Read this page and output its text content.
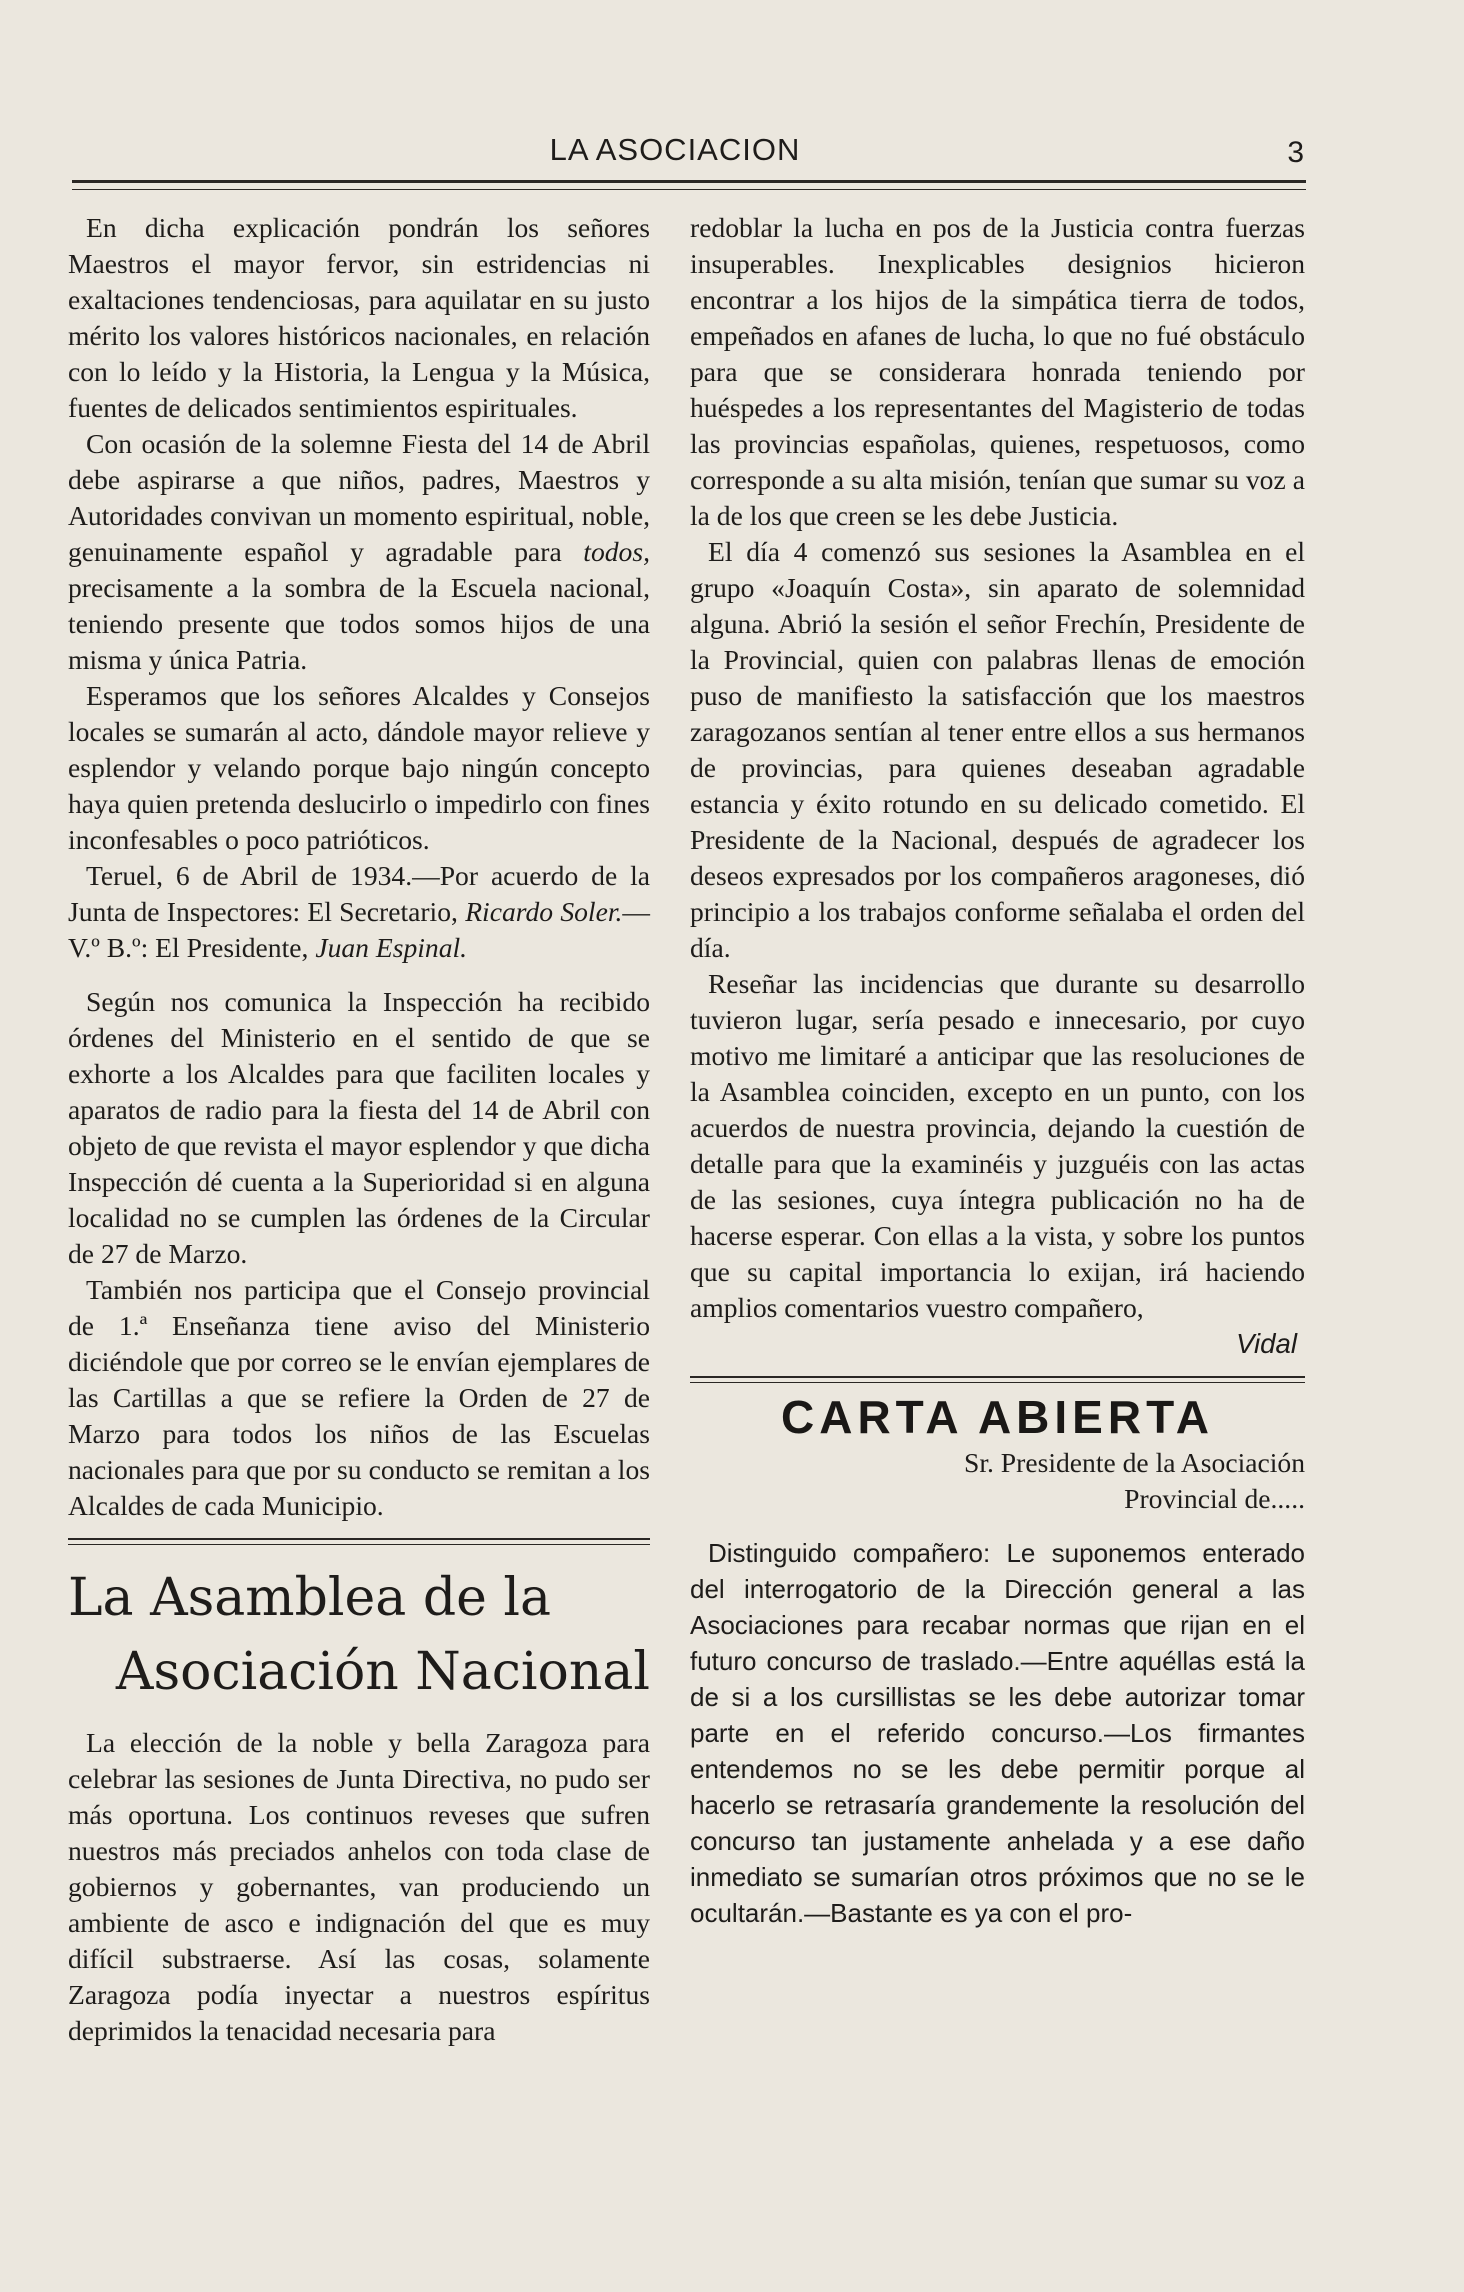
LA ASOCIACION	3

En dicha explicación pondrán los señores Maestros el mayor fervor, sin estridencias ni exaltaciones tendenciosas, para aquilatar en su justo mérito los valores históricos nacionales, en relación con lo leído y la Historia, la Lengua y la Música, fuentes de delicados sentimientos espirituales.

Con ocasión de la solemne Fiesta del 14 de Abril debe aspirarse a que niños, padres, Maestros y Autoridades convivan un momento espiritual, noble, genuinamente español y agradable para todos, precisamente a la sombra de la Escuela nacional, teniendo presente que todos somos hijos de una misma y única Patria.

Esperamos que los señores Alcaldes y Consejos locales se sumarán al acto, dándole mayor relieve y esplendor y velando porque bajo ningún concepto haya quien pretenda deslucirlo o impedirlo con fines inconfesables o poco patrióticos.

Teruel, 6 de Abril de 1934.—Por acuerdo de la Junta de Inspectores: El Secretario, Ricardo Soler.—V.º B.º: El Presidente, Juan Espinal.

Según nos comunica la Inspección ha recibido órdenes del Ministerio en el sentido de que se exhorte a los Alcaldes para que faciliten locales y aparatos de radio para la fiesta del 14 de Abril con objeto de que revista el mayor esplendor y que dicha Inspección dé cuenta a la Superioridad si en alguna localidad no se cumplen las órdenes de la Circular de 27 de Marzo.

También nos participa que el Consejo provincial de 1.ª Enseñanza tiene aviso del Ministerio diciéndole que por correo se le envían ejemplares de las Cartillas a que se refiere la Orden de 27 de Marzo para todos los niños de las Escuelas nacionales para que por su conducto se remitan a los Alcaldes de cada Municipio.

La Asamblea de la
Asociación Nacional

La elección de la noble y bella Zaragoza para celebrar las sesiones de Junta Directiva, no pudo ser más oportuna. Los continuos reveses que sufren nuestros más preciados anhelos con toda clase de gobiernos y gobernantes, van produciendo un ambiente de asco e indignación del que es muy difícil substraerse. Así las cosas, solamente Zaragoza podía inyectar a nuestros espíritus deprimidos la tenacidad necesaria para

redoblar la lucha en pos de la Justicia contra fuerzas insuperables. Inexplicables designios hicieron encontrar a los hijos de la simpática tierra de todos, empeñados en afanes de lucha, lo que no fué obstáculo para que se considerara honrada teniendo por huéspedes a los representantes del Magisterio de todas las provincias españolas, quienes, respetuosos, como corresponde a su alta misión, tenían que sumar su voz a la de los que creen se les debe Justicia.

El día 4 comenzó sus sesiones la Asamblea en el grupo «Joaquín Costa», sin aparato de solemnidad alguna. Abrió la sesión el señor Frechín, Presidente de la Provincial, quien con palabras llenas de emoción puso de manifiesto la satisfacción que los maestros zaragozanos sentían al tener entre ellos a sus hermanos de provincias, para quienes deseaban agradable estancia y éxito rotundo en su delicado cometido. El Presidente de la Nacional, después de agradecer los deseos expresados por los compañeros aragoneses, dió principio a los trabajos conforme señalaba el orden del día.

Reseñar las incidencias que durante su desarrollo tuvieron lugar, sería pesado e innecesario, por cuyo motivo me limitaré a anticipar que las resoluciones de la Asamblea coinciden, excepto en un punto, con los acuerdos de nuestra provincia, dejando la cuestión de detalle para que la examinéis y juzguéis con las actas de las sesiones, cuya íntegra publicación no ha de hacerse esperar. Con ellas a la vista, y sobre los puntos que su capital importancia lo exijan, irá haciendo amplios comentarios vuestro compañero,

Vidal
CARTA ABIERTA
Sr. Presidente de la Asociación
Provincial de.....

Distinguido compañero: Le suponemos enterado del interrogatorio de la Dirección general a las Asociaciones para recabar normas que rijan en el futuro concurso de traslado.—Entre aquéllas está la de si a los cursillistas se les debe autorizar tomar parte en el referido concurso.—Los firmantes entendemos no se les debe permitir porque al hacerlo se retrasaría grandemente la resolución del concurso tan justamente anhelada y a ese daño inmediato se sumarían otros próximos que no se le ocultarán.—Bastante es ya con el pro-
